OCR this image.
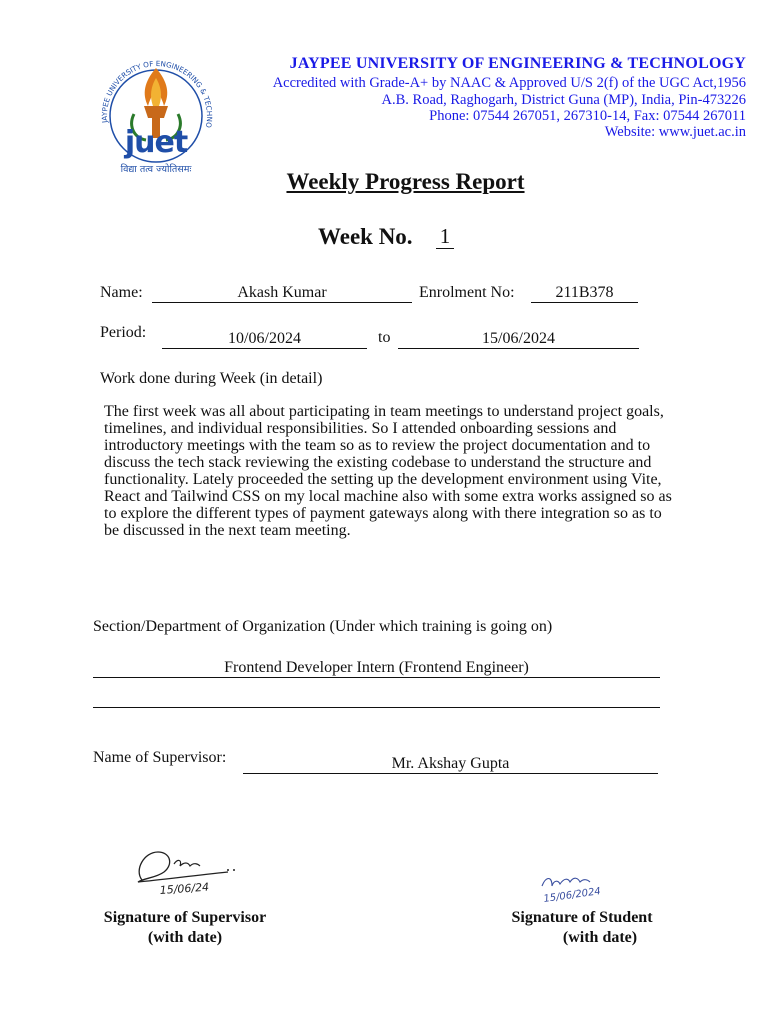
JAYPEE UNIVERSITY OF ENGINEERING & TECHNO
juet
विद्या तत्व ज्योतिसमः
JAYPEE UNIVERSITY OF ENGINEERING & TECHNOLOGY
Accredited with Grade-A+ by NAAC & Approved U/S 2(f) of the UGC Act,1956
A.B. Road, Raghogarh, District Guna (MP), India, Pin-473226
Phone: 07544 267051, 267310-14, Fax: 07544 267011
Website: www.juet.ac.in
Weekly Progress Report
Week No. 1
Name:	Akash Kumar	Enrolment No:	211B378
Period:	10/06/2024	to	15/06/2024
Work done during Week (in detail)
The first week was all about participating in team meetings to understand project goals, timelines, and individual responsibilities. So I attended onboarding sessions and introductory meetings with the team so as to review the project documentation and to discuss the tech stack reviewing the existing codebase to understand the structure and functionality. Lately proceeded the setting up the development environment using Vite, React and Tailwind CSS on my local machine also with some extra works assigned so as to explore the different types of payment gateways along with there integration so as to be discussed in the next team meeting.
Section/Department of Organization (Under which training is going on)
Frontend Developer Intern (Frontend Engineer)
Name of Supervisor:	Mr. Akshay Gupta
15/06/24	15/06/2024
Signature of Supervisor
(with date)
Signature of Student
(with date)
